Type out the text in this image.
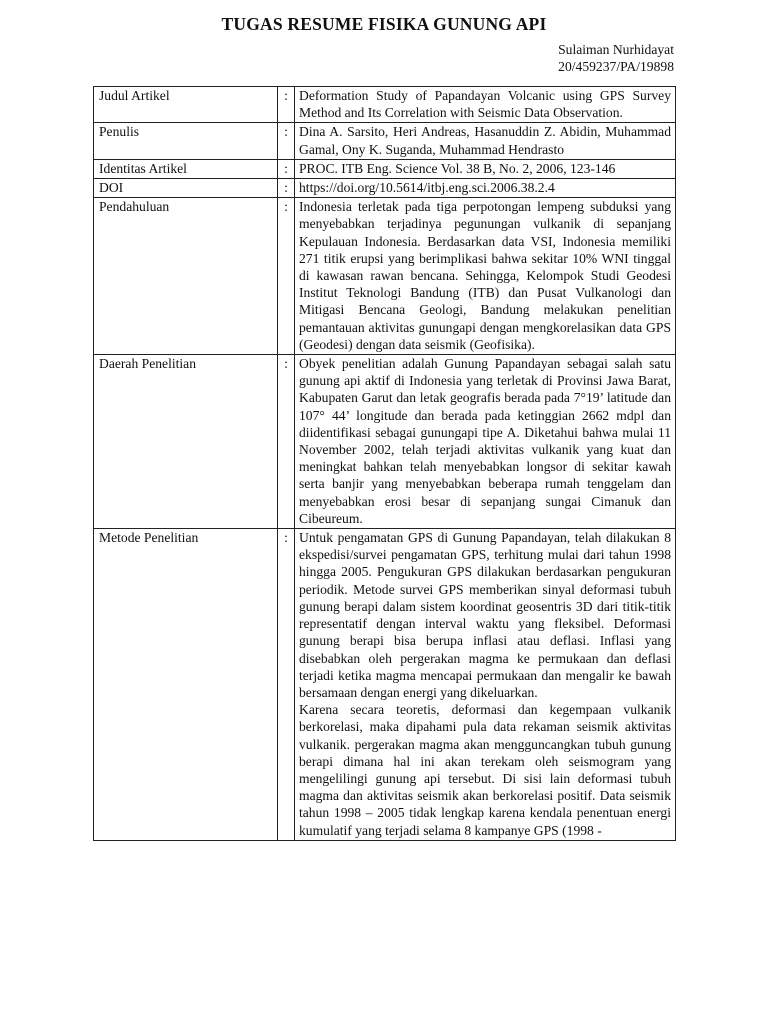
TUGAS RESUME FISIKA GUNUNG API
Sulaiman Nurhidayat
20/459237/PA/19898
Judul Artikel	:	Deformation Study of Papandayan Volcanic using GPS Survey Method and Its Correlation with Seismic Data Observation.
Penulis	:	Dina A. Sarsito, Heri Andreas, Hasanuddin Z. Abidin, Muhammad Gamal, Ony K. Suganda, Muhammad Hendrasto
Identitas Artikel	:	PROC. ITB Eng. Science Vol. 38 B, No. 2, 2006, 123-146
DOI	:	https://doi.org/10.5614/itbj.eng.sci.2006.38.2.4
Pendahuluan	:	Indonesia terletak pada tiga perpotongan lempeng subduksi yang menyebabkan terjadinya pegunungan vulkanik di sepanjang Kepulauan Indonesia. Berdasarkan data VSI, Indonesia memiliki 271 titik erupsi yang berimplikasi bahwa sekitar 10% WNI tinggal di kawasan rawan bencana. Sehingga, Kelompok Studi Geodesi Institut Teknologi Bandung (ITB) dan Pusat Vulkanologi dan Mitigasi Bencana Geologi, Bandung melakukan penelitian pemantauan aktivitas gunungapi dengan mengkorelasikan data GPS (Geodesi) dengan data seismik (Geofisika).
Daerah Penelitian	:	Obyek penelitian adalah Gunung Papandayan sebagai salah satu gunung api aktif di Indonesia yang terletak di Provinsi Jawa Barat, Kabupaten Garut dan letak geografis berada pada 7°19’ latitude dan 107° 44’ longitude dan berada pada ketinggian 2662 mdpl dan diidentifikasi sebagai gunungapi tipe A. Diketahui bahwa mulai 11 November 2002, telah terjadi aktivitas vulkanik yang kuat dan meningkat bahkan telah menyebabkan longsor di sekitar kawah serta banjir yang menyebabkan beberapa rumah tenggelam dan menyebabkan erosi besar di sepanjang sungai Cimanuk dan Cibeureum.
Metode Penelitian	:	Untuk pengamatan GPS di Gunung Papandayan, telah dilakukan 8 ekspedisi/survei pengamatan GPS, terhitung mulai dari tahun 1998 hingga 2005. Pengukuran GPS dilakukan berdasarkan pengukuran periodik. Metode survei GPS memberikan sinyal deformasi tubuh gunung berapi dalam sistem koordinat geosentris 3D dari titik-titik representatif dengan interval waktu yang fleksibel. Deformasi gunung berapi bisa berupa inflasi atau deflasi. Inflasi yang disebabkan oleh pergerakan magma ke permukaan dan deflasi terjadi ketika magma mencapai permukaan dan mengalir ke bawah bersamaan dengan energi yang dikeluarkan.

Karena secara teoretis, deformasi dan kegempaan vulkanik berkorelasi, maka dipahami pula data rekaman seismik aktivitas vulkanik. pergerakan magma akan mengguncangkan tubuh gunung berapi dimana hal ini akan terekam oleh seismogram yang mengelilingi gunung api tersebut. Di sisi lain deformasi tubuh magma dan aktivitas seismik akan berkorelasi positif. Data seismik tahun 1998 – 2005 tidak lengkap karena kendala penentuan energi kumulatif yang terjadi selama 8 kampanye GPS (1998 -
